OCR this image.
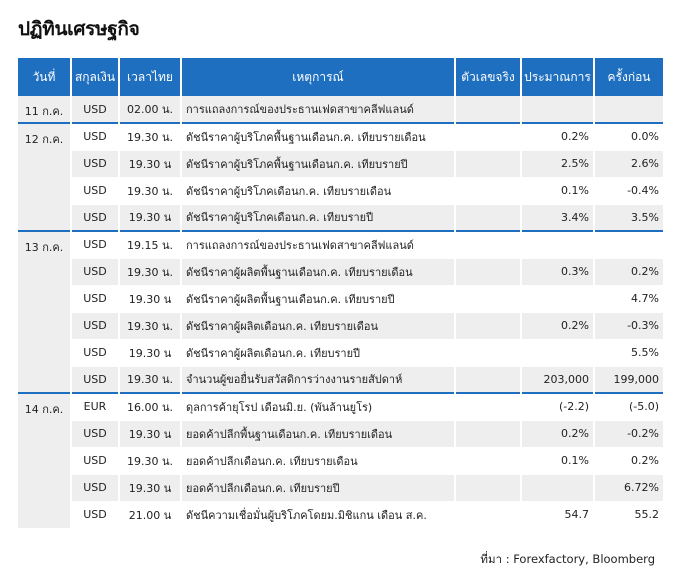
ปฏิทินเศรษฐกิจ
วันที่	สกุลเงิน	เวลาไทย	เหตุการณ์	ตัวเลขจริง	ประมาณการ	ครั้งก่อน
11 ก.ค.	USD	02.00 น.	การแถลงการณ์ของประธานเฟดสาขาคลีฟแลนด์			
12 ก.ค.	USD	19.30 น.	ดัชนีราคาผู้บริโภคพื้นฐานเดือนก.ค. เทียบรายเดือน		0.2%	0.0%
	USD	19.30 น	ดัชนีราคาผู้บริโภคพื้นฐานเดือนก.ค. เทียบรายปี		2.5%	2.6%
	USD	19.30 น.	ดัชนีราคาผู้บริโภคเดือนก.ค. เทียบรายเดือน		0.1%	-0.4%
	USD	19.30 น	ดัชนีราคาผู้บริโภคเดือนก.ค. เทียบรายปี		3.4%	3.5%
13 ก.ค.	USD	19.15 น.	การแถลงการณ์ของประธานเฟดสาขาคลีฟแลนด์			
	USD	19.30 น.	ดัชนีราคาผู้ผลิตพื้นฐานเดือนก.ค. เทียบรายเดือน		0.3%	0.2%
	USD	19.30 น	ดัชนีราคาผู้ผลิตพื้นฐานเดือนก.ค. เทียบรายปี			4.7%
	USD	19.30 น.	ดัชนีราคาผู้ผลิตเดือนก.ค. เทียบรายเดือน		0.2%	-0.3%
	USD	19.30 น	ดัชนีราคาผู้ผลิตเดือนก.ค. เทียบรายปี			5.5%
	USD	19.30 น.	จำนวนผู้ขอยื่นรับสวัสดิการว่างงานรายสัปดาห์		203,000	199,000
14 ก.ค.	EUR	16.00 น.	ดุลการค้ายุโรป เดือนมิ.ย. (พันล้านยูโร)		(-2.2)	(-5.0)
	USD	19.30 น	ยอดค้าปลีกพื้นฐานเดือนก.ค. เทียบรายเดือน		0.2%	-0.2%
	USD	19.30 น.	ยอดค้าปลีกเดือนก.ค. เทียบรายเดือน		0.1%	0.2%
	USD	19.30 น	ยอดค้าปลีกเดือนก.ค. เทียบรายปี			6.72%
	USD	21.00 น	ดัชนีความเชื่อมั่นผู้บริโภคโดยม.มิชิแกน เดือน ส.ค.		54.7	55.2
ที่มา : Forexfactory, Bloomberg
